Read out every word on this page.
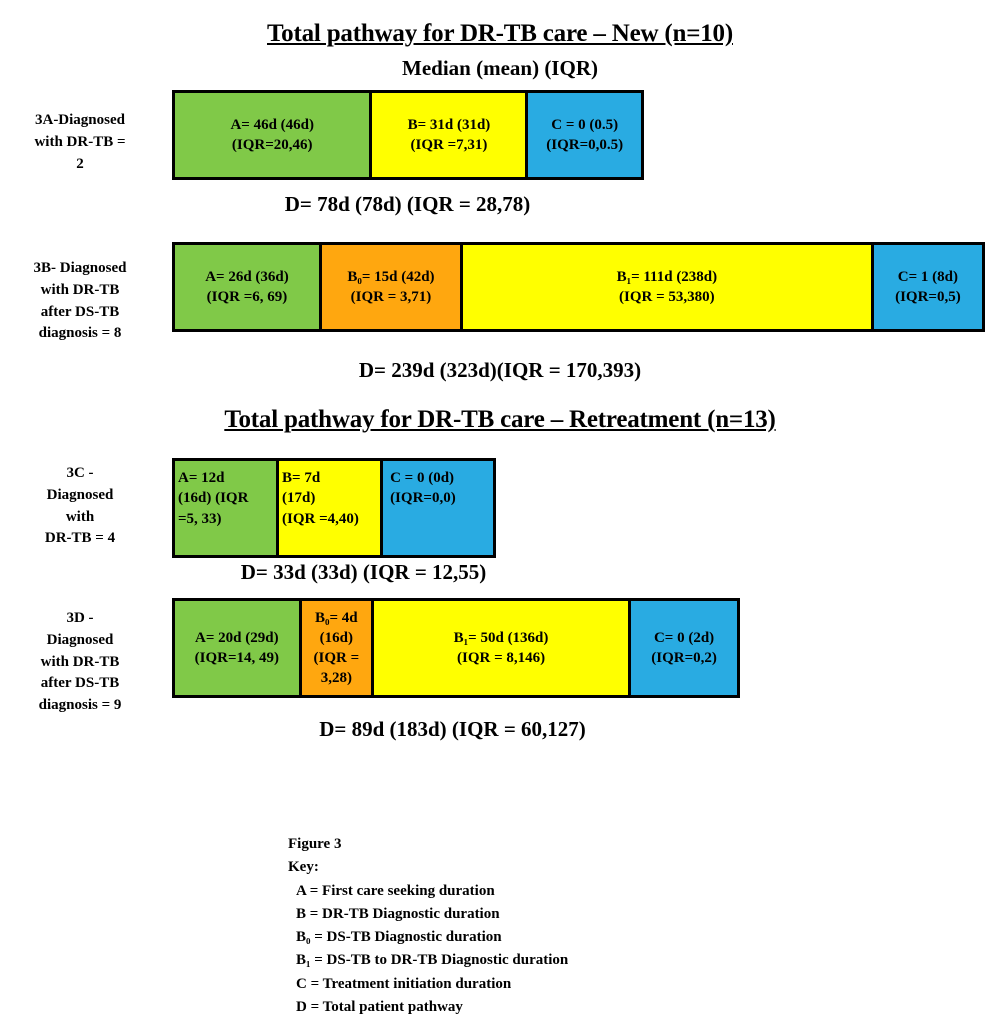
Total pathway for DR-TB care – New (n=10)
Median (mean) (IQR)
3A-Diagnosed
with DR-TB =
2
A= 46d (46d)
(IQR=20,46)
B= 31d (31d)
(IQR =7,31)
C = 0 (0.5)
(IQR=0,0.5)
D= 78d (78d) (IQR = 28,78)
3B- Diagnosed
with DR-TB
after DS-TB
diagnosis = 8
A= 26d (36d)
(IQR =6, 69)
B₀= 15d (42d)
(IQR = 3,71)
B₁= 111d (238d)
(IQR = 53,380)
C= 1 (8d)
(IQR=0,5)
D= 239d (323d)(IQR = 170,393)
Total pathway for DR-TB care – Retreatment (n=13)
3C -
Diagnosed
with
DR-TB = 4
A= 12d
(16d) (IQR
=5, 33)
B= 7d
(17d)
(IQR =4,40)
C = 0 (0d)
(IQR=0,0)
D= 33d (33d) (IQR = 12,55)
3D -
Diagnosed
with DR-TB
after DS-TB
diagnosis = 9
A= 20d (29d)
(IQR=14, 49)
B₀= 4d
(16d)
(IQR =
3,28)
B₁= 50d (136d)
(IQR = 8,146)
C= 0 (2d)
(IQR=0,2)
D= 89d (183d) (IQR = 60,127)
Figure 3
Key:
A = First care seeking duration
B = DR-TB Diagnostic duration
B₀ = DS-TB Diagnostic duration
B₁ = DS-TB to DR-TB Diagnostic duration
C = Treatment initiation duration
D = Total patient pathway
